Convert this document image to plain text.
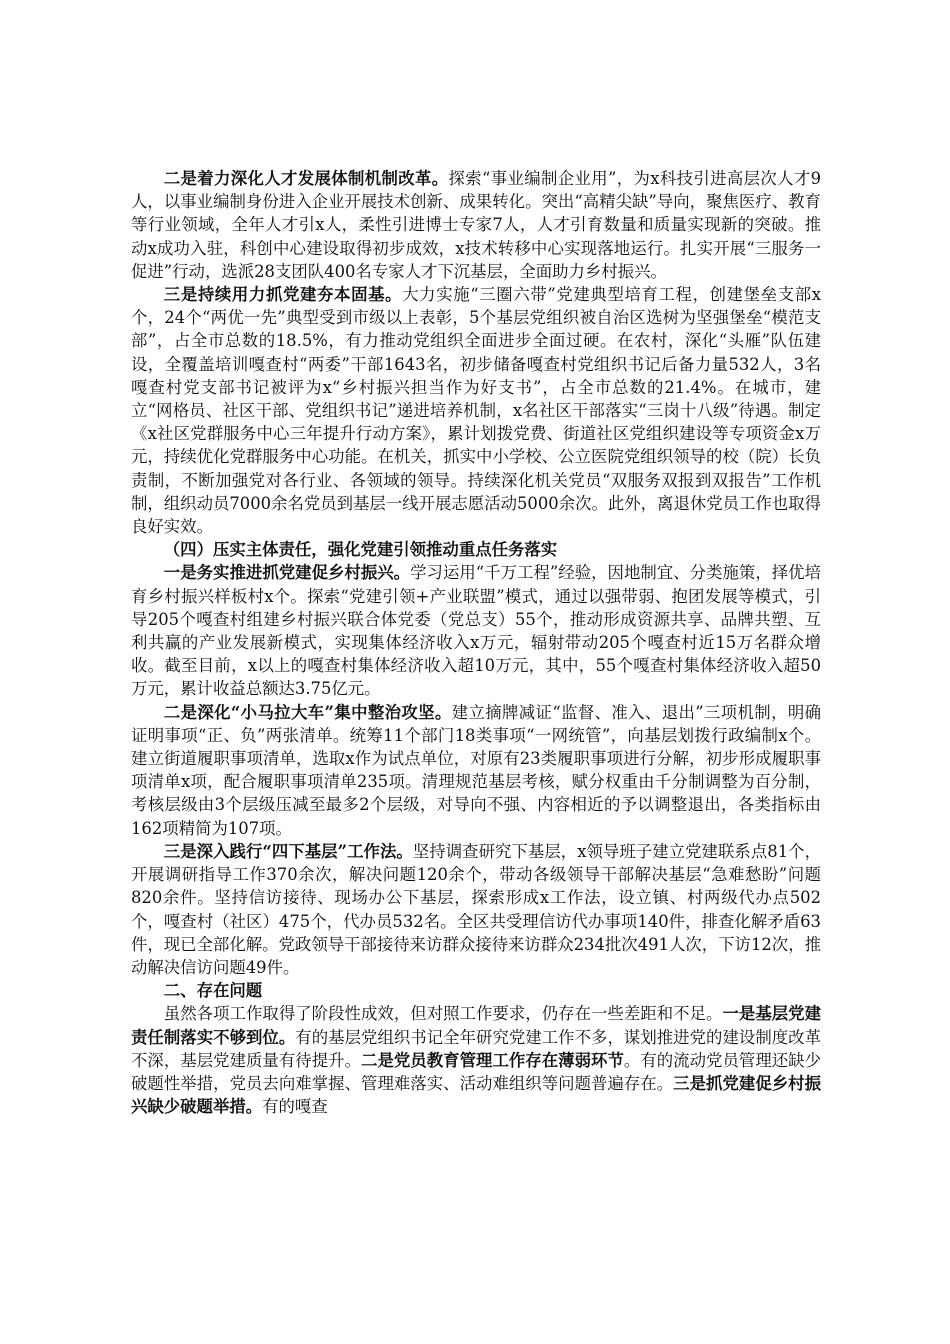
二是着力深化人才发展体制机制改革。探索“事业编制企业用”，为x科技引进高层次人才9人，以事业编制身份进入企业开展技术创新、成果转化。突出“高精尖缺”导向，聚焦医疗、教育等行业领域，全年人才引x人，柔性引进博士专家7人，人才引育数量和质量实现新的突破。推动x成功入驻，科创中心建设取得初步成效，x技术转移中心实现落地运行。扎实开展“三服务一促进”行动，选派28支团队400名专家人才下沉基层，全面助力乡村振兴。

三是持续用力抓党建夯本固基。大力实施“三圈六带”党建典型培育工程，创建堡垒支部x个，24个“两优一先”典型受到市级以上表彰，5个基层党组织被自治区选树为坚强堡垒“模范支部”，占全市总数的18.5%，有力推动党组织全面进步全面过硬。在农村，深化“头雁”队伍建设，全覆盖培训嘎查村“两委”干部1643名，初步储备嘎查村党组织书记后备力量532人，3名嘎查村党支部书记被评为x“乡村振兴担当作为好支书”，占全市总数的21.4%。在城市，建立“网格员、社区干部、党组织书记”递进培养机制，x名社区干部落实“三岗十八级”待遇。制定《x社区党群服务中心三年提升行动方案》，累计划拨党费、街道社区党组织建设等专项资金x万元，持续优化党群服务中心功能。在机关，抓实中小学校、公立医院党组织领导的校（院）长负责制，不断加强党对各行业、各领域的领导。持续深化机关党员“双服务双报到双报告”工作机制，组织动员7000余名党员到基层一线开展志愿活动5000余次。此外，离退休党员工作也取得良好实效。

（四）压实主体责任，强化党建引领推动重点任务落实

一是务实推进抓党建促乡村振兴。学习运用“千万工程”经验，因地制宜、分类施策，择优培育乡村振兴样板村x个。探索“党建引领+产业联盟”模式，通过以强带弱、抱团发展等模式，引导205个嘎查村组建乡村振兴联合体党委（党总支）55个，推动形成资源共享、品牌共塑、互利共赢的产业发展新模式，实现集体经济收入x万元，辐射带动205个嘎查村近15万名群众增收。截至目前，x以上的嘎查村集体经济收入超10万元，其中，55个嘎查村集体经济收入超50万元，累计收益总额达3.75亿元。

二是深化“小马拉大车”集中整治攻坚。建立摘牌减证“监督、准入、退出”三项机制，明确证明事项“正、负”两张清单。统筹11个部门18类事项“一网统管”，向基层划拨行政编制x个。建立街道履职事项清单，选取x作为试点单位，对原有23类履职事项进行分解，初步形成履职事项清单x项，配合履职事项清单235项。清理规范基层考核，赋分权重由千分制调整为百分制，考核层级由3个层级压减至最多2个层级，对导向不强、内容相近的予以调整退出，各类指标由162项精简为107项。

三是深入践行“四下基层”工作法。坚持调查研究下基层，x领导班子建立党建联系点81个，开展调研指导工作370余次，解决问题120余个，带动各级领导干部解决基层“急难愁盼”问题820余件。坚持信访接待、现场办公下基层，探索形成x工作法，设立镇、村两级代办点502个，嘎查村（社区）475个，代办员532名。全区共受理信访代办事项140件，排查化解矛盾63件，现已全部化解。党政领导干部接待来访群众接待来访群众234批次491人次，下访12次，推动解决信访问题49件。

二、存在问题

虽然各项工作取得了阶段性成效，但对照工作要求，仍存在一些差距和不足。一是基层党建责任制落实不够到位。有的基层党组织书记全年研究党建工作不多，谋划推进党的建设制度改革不深，基层党建质量有待提升。二是党员教育管理工作存在薄弱环节。有的流动党员管理还缺少破题性举措，党员去向难掌握、管理难落实、活动难组织等问题普遍存在。三是抓党建促乡村振兴缺少破题举措。有的嘎查
